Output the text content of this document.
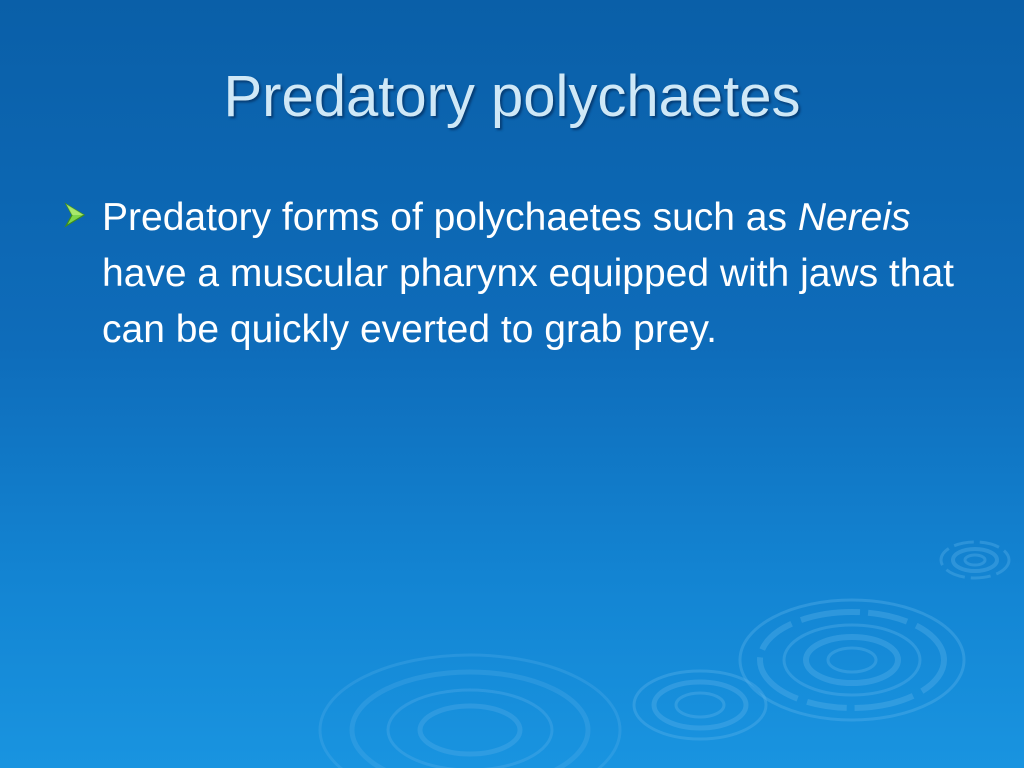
Predatory polychaetes
Predatory forms of polychaetes such as Nereis have a muscular pharynx equipped with jaws that can be quickly everted to grab prey.
